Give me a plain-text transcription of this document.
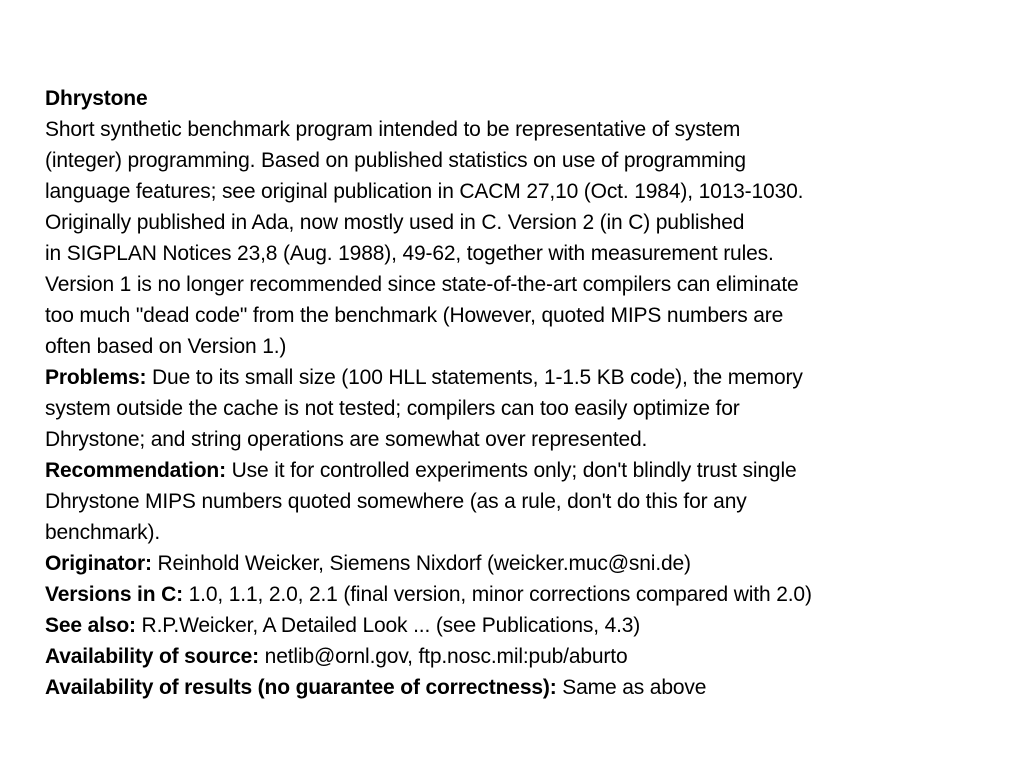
Dhrystone
Short synthetic benchmark program intended to be representative of system
(integer) programming. Based on published statistics on use of programming
language features; see original publication in CACM 27,10 (Oct. 1984), 1013-1030.
Originally published in Ada, now mostly used in C. Version 2 (in C) published
in SIGPLAN Notices 23,8 (Aug. 1988), 49-62, together with measurement rules.
Version 1 is no longer recommended since state-of-the-art compilers can eliminate
too much "dead code" from the benchmark (However, quoted MIPS numbers are
often based on Version 1.)
Problems: Due to its small size (100 HLL statements, 1-1.5 KB code), the memory
system outside the cache is not tested; compilers can too easily optimize for
Dhrystone; and string operations are somewhat over represented.
Recommendation: Use it for controlled experiments only; don't blindly trust single
Dhrystone MIPS numbers quoted somewhere (as a rule, don't do this for any
benchmark).
Originator: Reinhold Weicker, Siemens Nixdorf (weicker.muc@sni.de)
Versions in C: 1.0, 1.1, 2.0, 2.1 (final version, minor corrections compared with 2.0)
See also: R.P.Weicker, A Detailed Look ... (see Publications, 4.3)
Availability of source: netlib@ornl.gov, ftp.nosc.mil:pub/aburto
Availability of results (no guarantee of correctness): Same as above
